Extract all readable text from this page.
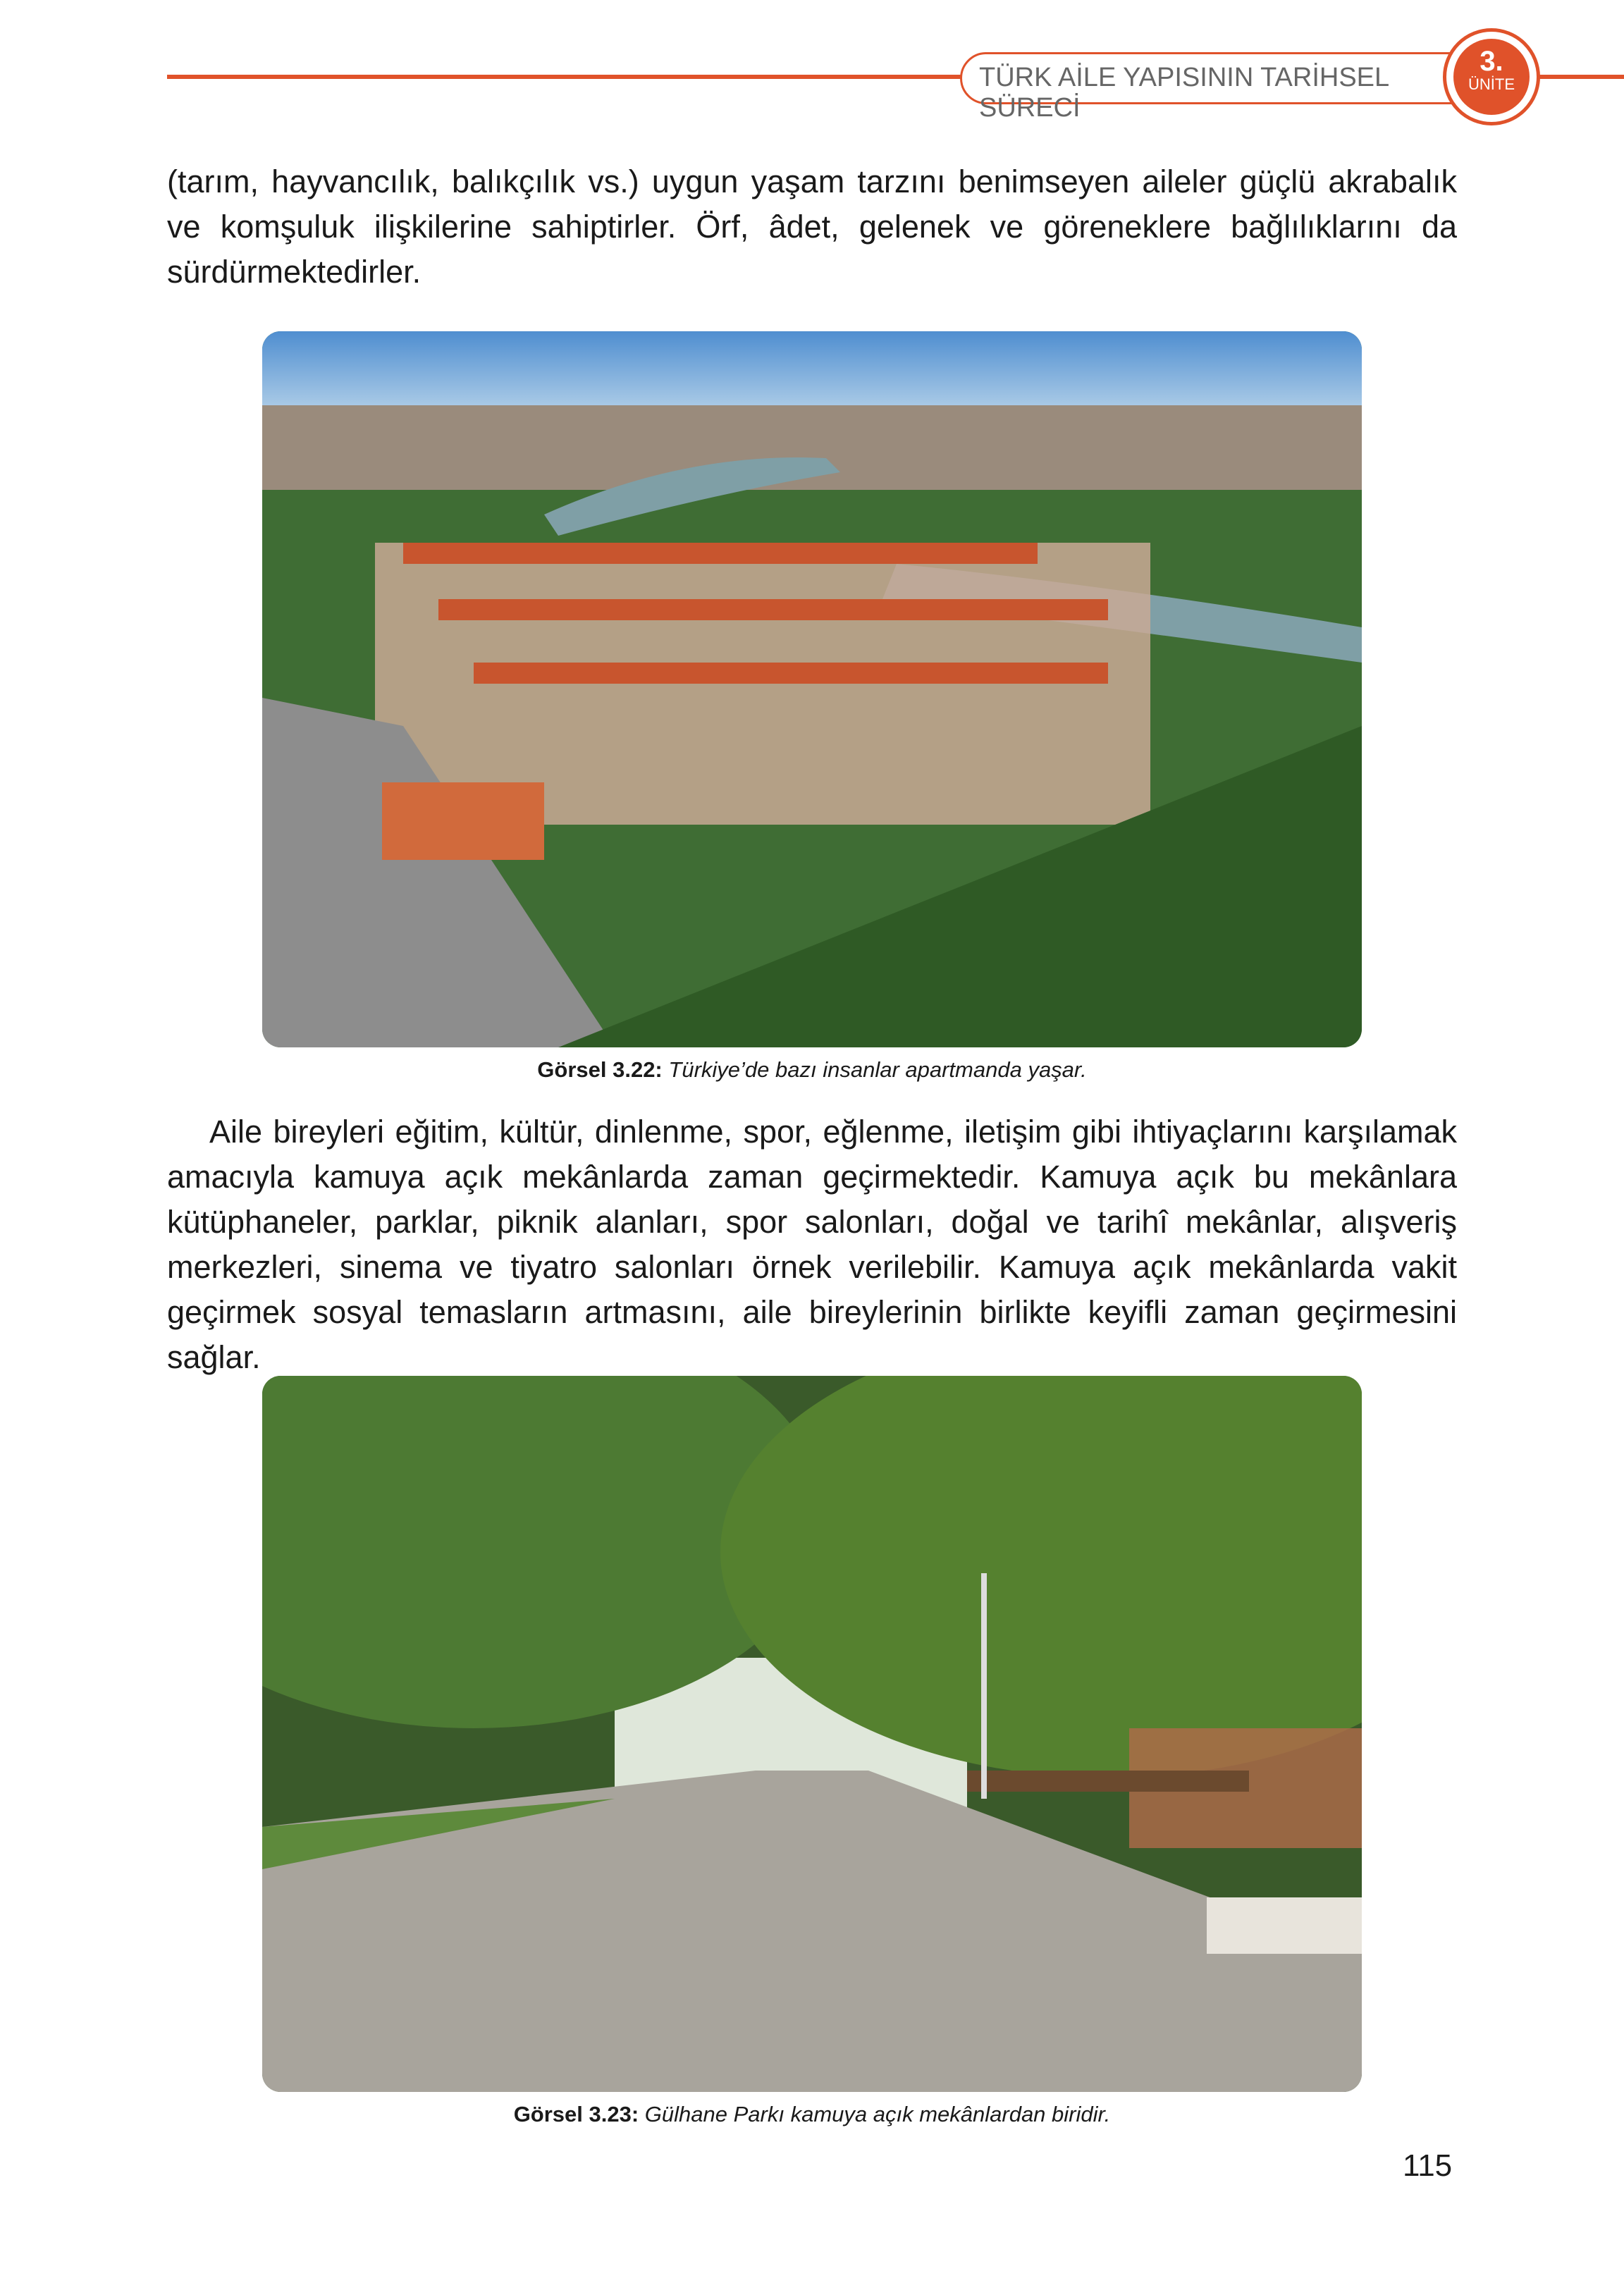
TÜRK AİLE YAPISININ TARİHSEL SÜRECİ
3.
ÜNİTE
(tarım, hayvancılık, balıkçılık vs.) uygun yaşam tarzını benimseyen aileler güçlü akrabalık ve komşuluk ilişkilerine sahiptirler. Örf, âdet, gelenek ve göreneklere bağlılıklarını da sürdürmektedirler.
Görsel 3.22: Türkiye’de bazı insanlar apartmanda yaşar.
Aile bireyleri eğitim, kültür, dinlenme, spor, eğlenme, iletişim gibi ihtiyaçlarını karşılamak amacıyla kamuya açık mekânlarda zaman geçirmektedir. Kamuya açık bu mekânlara kütüphaneler, parklar, piknik alanları, spor salonları, doğal ve tarihî mekânlar, alışveriş merkezleri, sinema ve tiyatro salonları örnek verilebilir. Kamuya açık mekânlarda vakit geçirmek sosyal temasların artmasını, aile bireylerinin birlikte keyifli zaman geçirmesini sağlar.
Görsel 3.23: Gülhane Parkı kamuya açık mekânlardan biridir.
115
